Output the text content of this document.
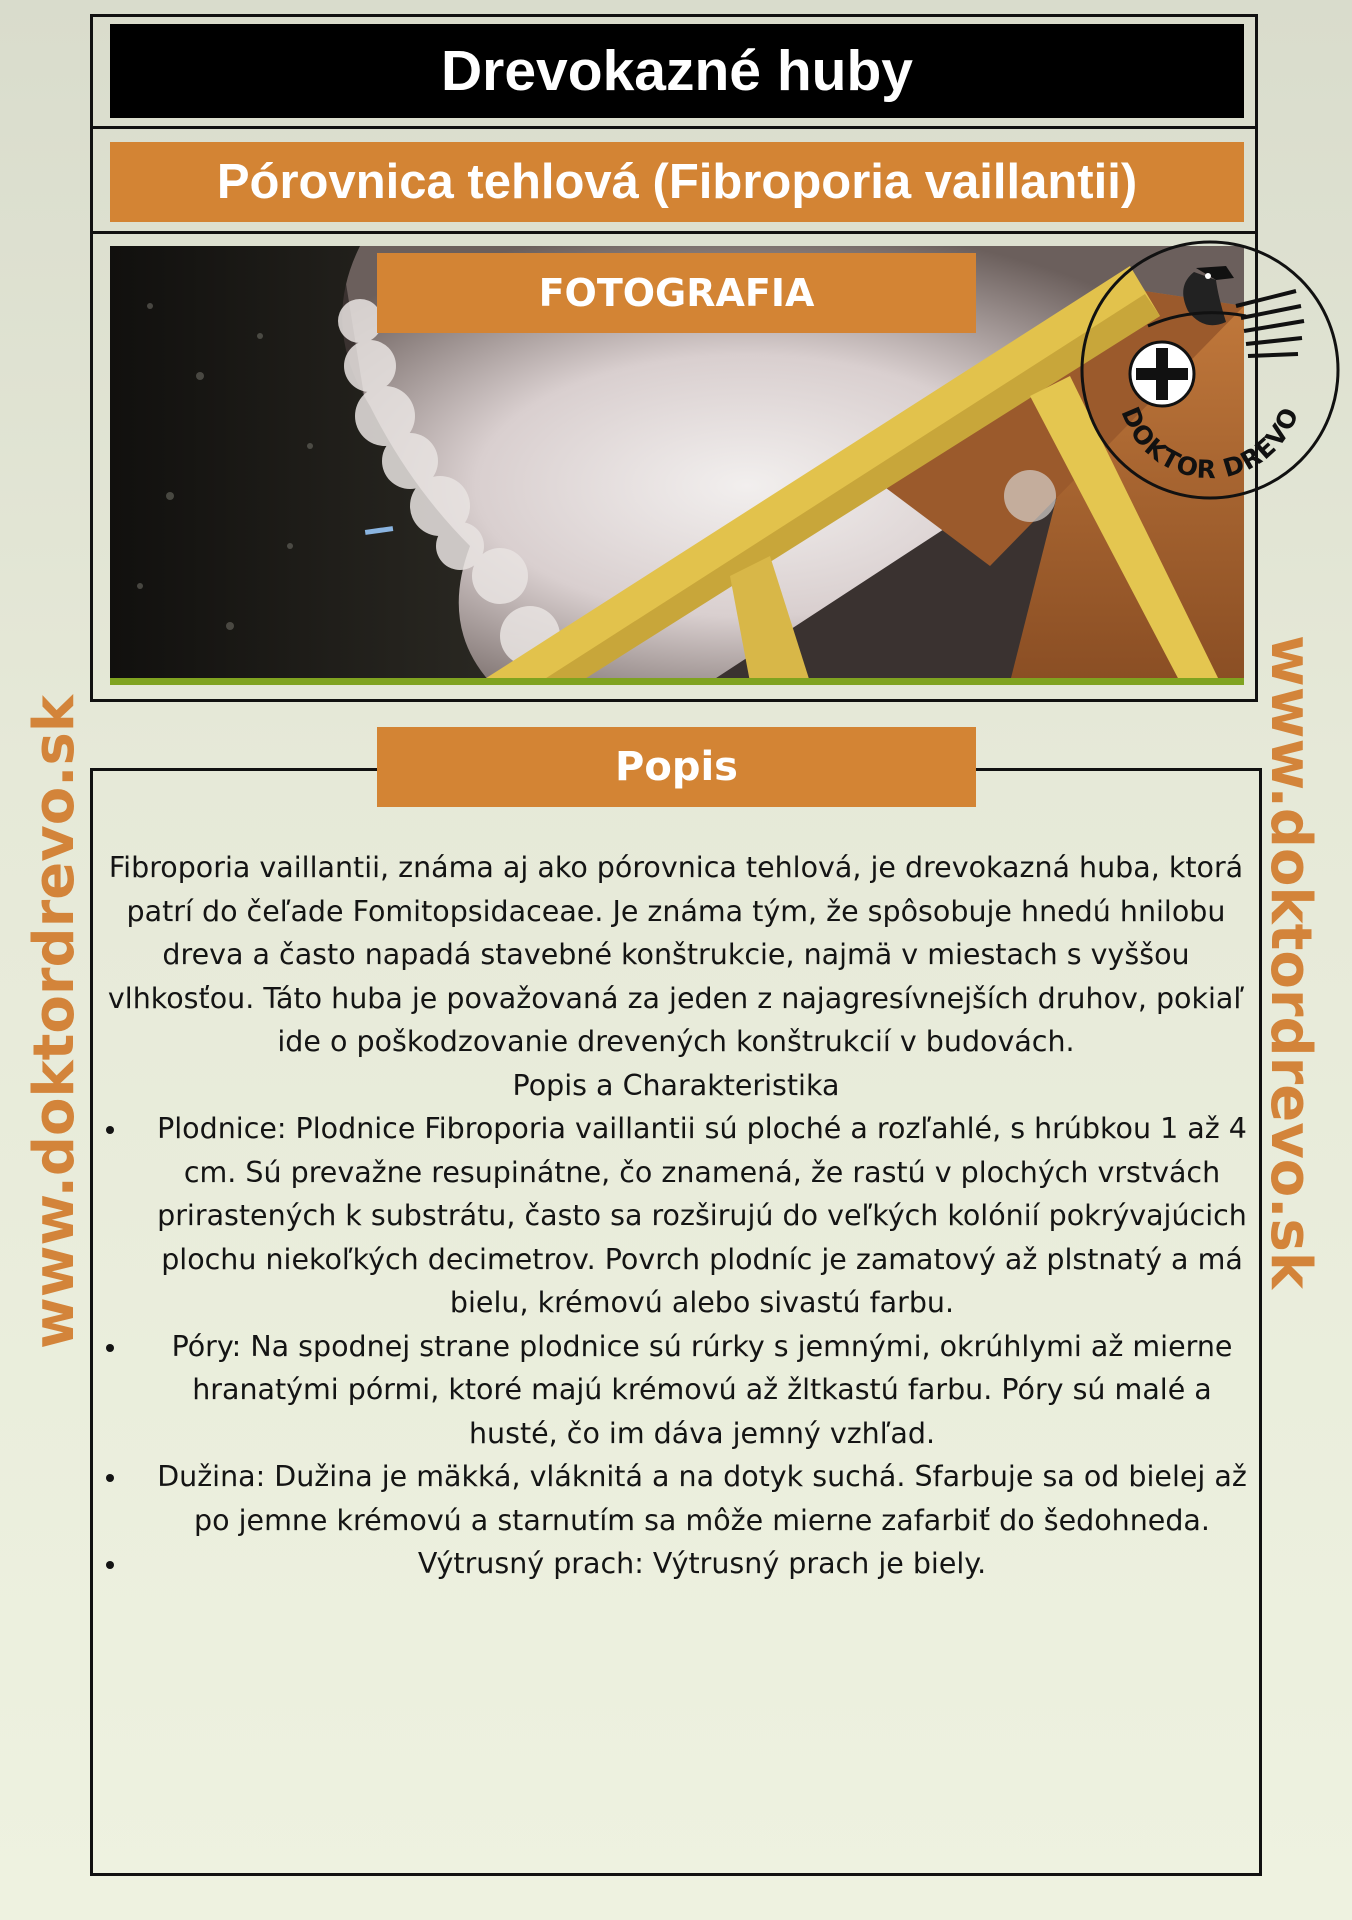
Drevokazné huby
Pórovnica tehlová (Fibroporia vaillantii)
FOTOGRAFIA
DOKTOR DREVO
www.doktordrevo.sk	www.doktordrevo.sk
Popis

Fibroporia vaillantii, známa aj ako pórovnica tehlová, je drevokazná huba, ktorá patrí do čeľade Fomitopsidaceae. Je známa tým, že spôsobuje hnedú hnilobu dreva a často napadá stavebné konštrukcie, najmä v miestach s vyššou vlhkosťou. Táto huba je považovaná za jeden z najagresívnejších druhov, pokiaľ ide o poškodzovanie drevených konštrukcií v budovách.

Popis a Charakteristika

Plodnice: Plodnice Fibroporia vaillantii sú ploché a rozľahlé, s hrúbkou 1 až 4 cm. Sú prevažne resupinátne, čo znamená, že rastú v plochých vrstvách prirastených k substrátu, často sa rozširujú do veľkých kolónií pokrývajúcich plochu niekoľkých decimetrov. Povrch plodníc je zamatový až plstnatý a má bielu, krémovú alebo sivastú farbu.
Póry: Na spodnej strane plodnice sú rúrky s jemnými, okrúhlymi až mierne hranatými pórmi, ktoré majú krémovú až žltkastú farbu. Póry sú malé a husté, čo im dáva jemný vzhľad.
Dužina: Dužina je mäkká, vláknitá a na dotyk suchá. Sfarbuje sa od bielej až po jemne krémovú a starnutím sa môže mierne zafarbiť do šedohneda.
Výtrusný prach: Výtrusný prach je biely.
